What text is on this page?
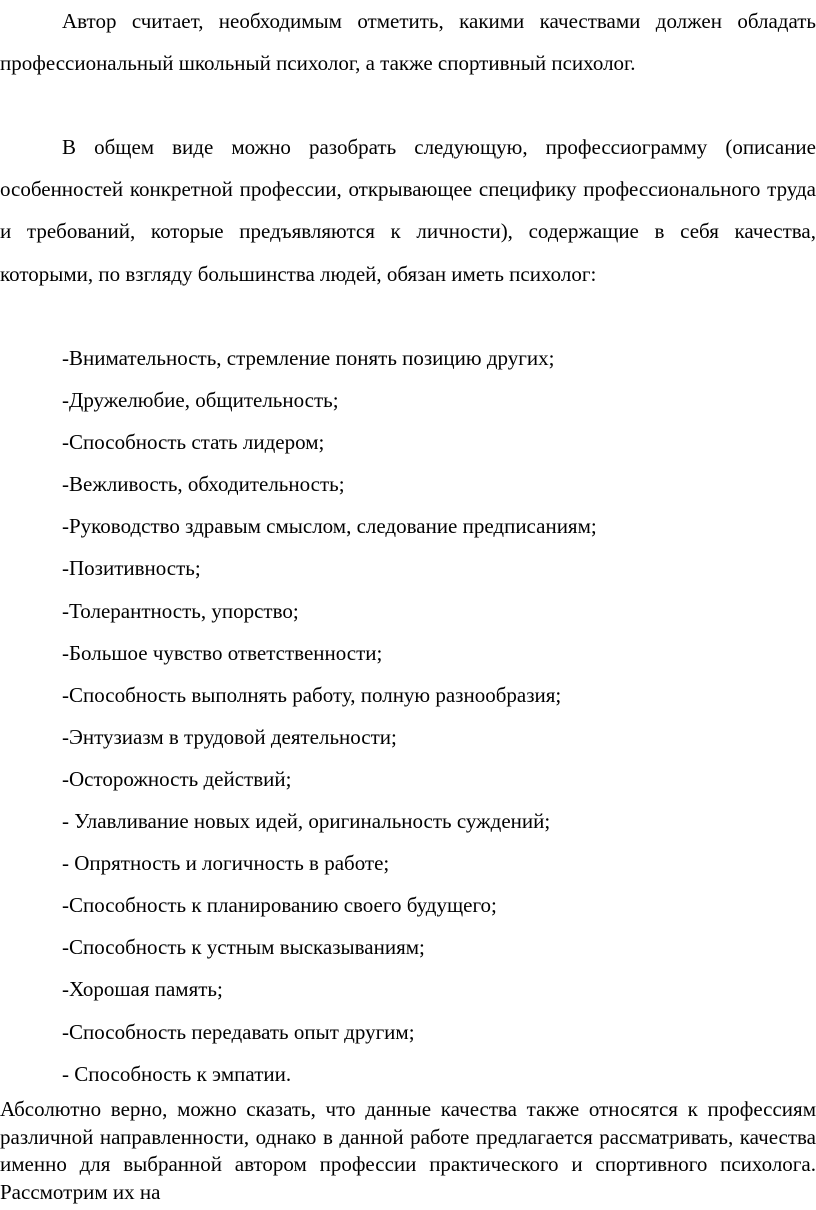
Автор считает, необходимым отметить, какими качествами должен обладать профессиональный школьный психолог, а также спортивный психолог.

В общем виде можно разобрать следующую, профессиограмму (описание особенностей конкретной профессии, открывающее специфику профессионального труда и требований, которые предъявляются к личности), содержащие в себя качества, которыми, по взгляду большинства людей, обязан иметь психолог:

-Внимательность, стремление понять позицию других;
-Дружелюбие, общительность;
-Способность стать лидером;
-Вежливость, обходительность;
-Руководство здравым смыслом, следование предписаниям;
-Позитивность;
-Толерантность, упорство;
-Большое чувство ответственности;
-Способность выполнять работу, полную разнообразия;
-Энтузиазм в трудовой деятельности;
-Осторожность действий;
- Улавливание новых идей, оригинальность суждений;
- Опрятность и логичность в работе;
-Способность к планированию своего будущего;
-Способность к устным высказываниям;
-Хорошая память;
-Способность передавать опыт другим;
- Способность к эмпатии.

Абсолютно верно, можно сказать, что данные качества также относятся к профессиям различной направленности, однако в данной работе предлагается рассматривать, качества именно для выбранной автором профессии практического и спортивного психолога. Рассмотрим их на
